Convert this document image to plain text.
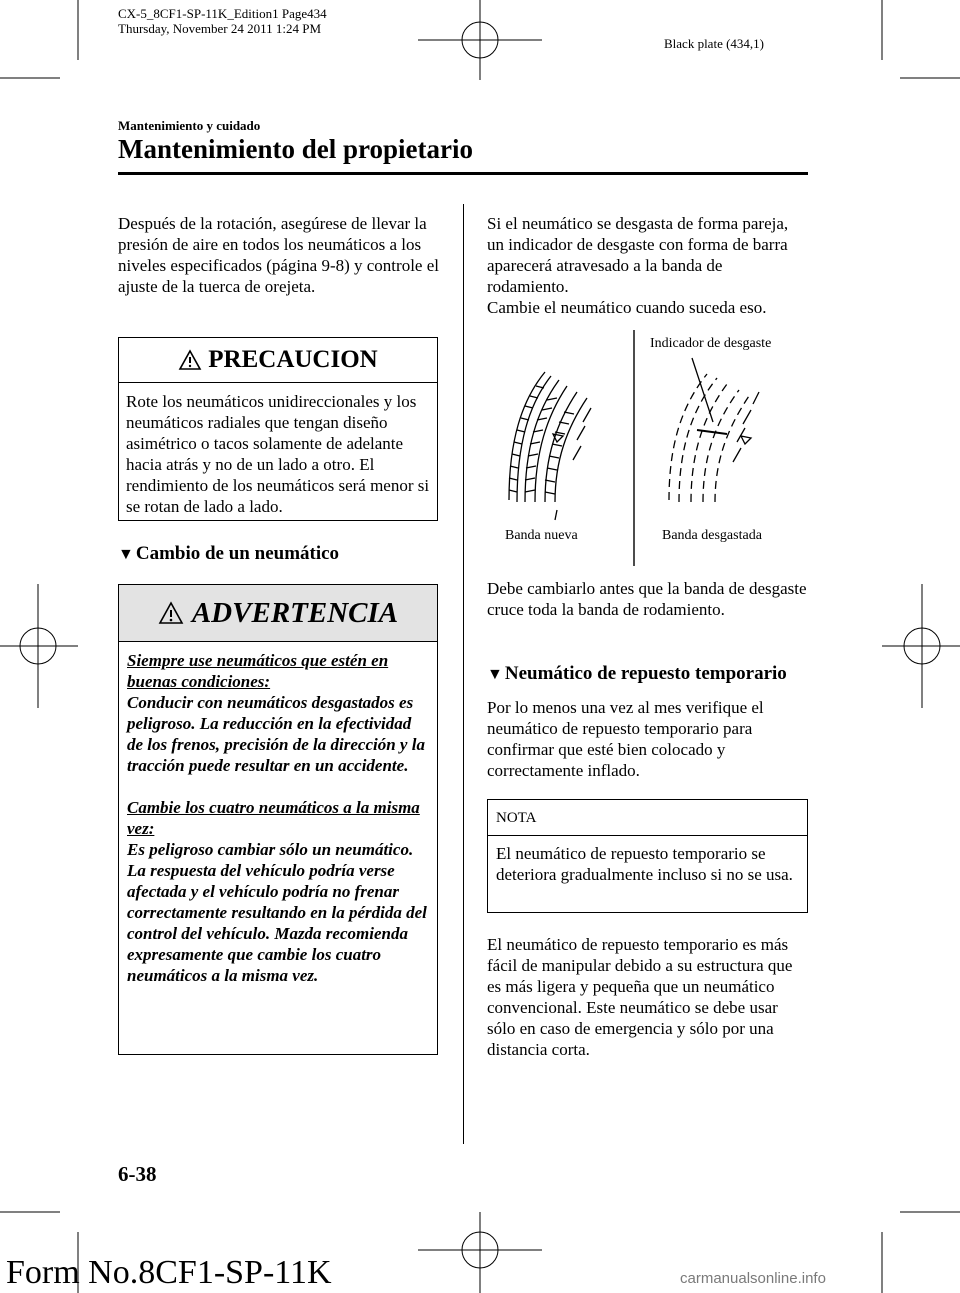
CX-5_8CF1-SP-11K_Edition1 Page434
Thursday, November 24 2011 1:24 PM
Black plate (434,1)
Mantenimiento y cuidado
Mantenimiento del propietario

Después de la rotación, asegúrese de llevar la presión de aire en todos los neumáticos a los niveles especificados (página 9-8) y controle el ajuste de la tuerca de orejeta.

PRECAUCION
Rote los neumáticos unidireccionales y los neumáticos radiales que tengan diseño asimétrico o tacos solamente de adelante hacia atrás y no de un lado a otro. El rendimiento de los neumáticos será menor si se rotan de lado a lado.
▼ Cambio de un neumático
ADVERTENCIA

Siempre use neumáticos que estén en buenas condiciones:

Conducir con neumáticos desgastados es peligroso. La reducción en la efectividad de los frenos, precisión de la dirección y la tracción puede resultar en un accidente.

Cambie los cuatro neumáticos a la misma vez:

Es peligroso cambiar sólo un neumático. La respuesta del vehículo podría verse afectada y el vehículo podría no frenar correctamente resultando en la pérdida del control del vehículo. Mazda recomienda expresamente que cambie los cuatro neumáticos a la misma vez.

Si el neumático se desgasta de forma pareja, un indicador de desgaste con forma de barra aparecerá atravesado a la banda de rodamiento.
Cambie el neumático cuando suceda eso.
Indicador de desgaste
Banda nueva	Banda desgastada

Debe cambiarlo antes que la banda de desgaste cruce toda la banda de rodamiento.

▼ Neumático de repuesto temporario

Por lo menos una vez al mes verifique el neumático de repuesto temporario para confirmar que esté bien colocado y correctamente inflado.

NOTA
El neumático de repuesto temporario se deteriora gradualmente incluso si no se usa.

El neumático de repuesto temporario es más fácil de manipular debido a su estructura que es más ligera y pequeña que un neumático convencional. Este neumático se debe usar sólo en caso de emergencia y sólo por una distancia corta.

6-38
Form No.8CF1-SP-11K	carmanualsonline.info
